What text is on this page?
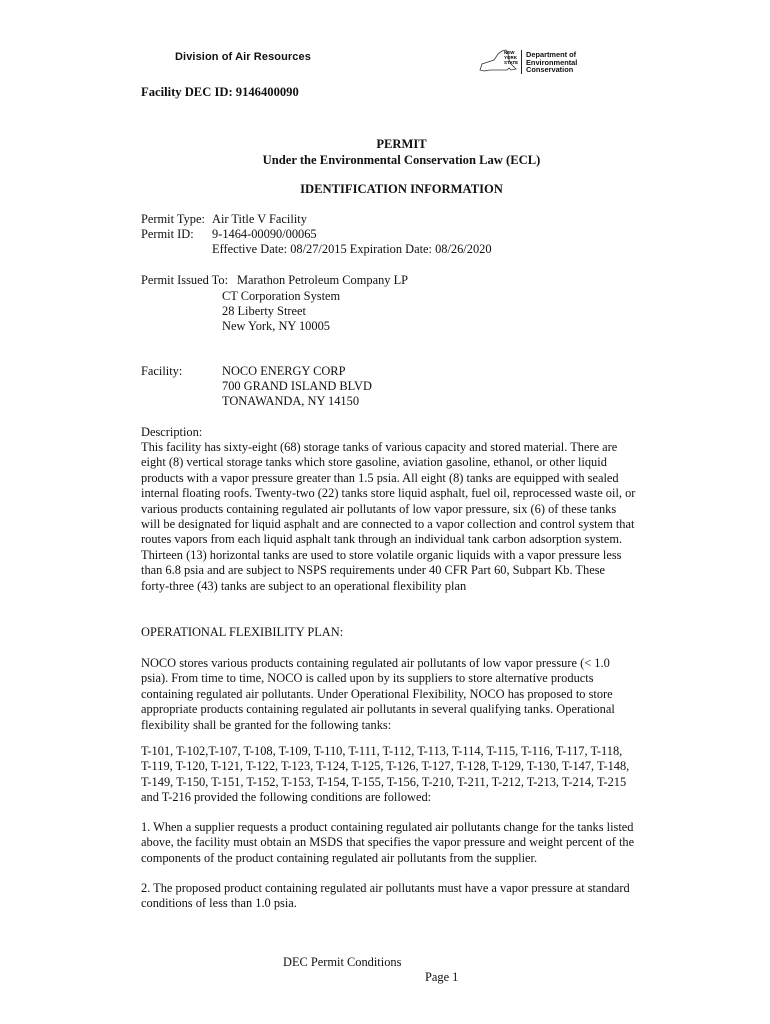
Division of Air Resources	NEW
YORK
STATE
Department of
Environmental
Conservation
Facility DEC ID: 9146400090
PERMIT
Under the Environmental Conservation Law (ECL)
IDENTIFICATION INFORMATION
Permit Type: Air Title V Facility
Permit ID: 9-1464-00090/00065
Effective Date: 08/27/2015 Expiration Date: 08/26/2020
Permit Issued To: Marathon Petroleum Company LP
CT Corporation System
28 Liberty Street
New York, NY 10005
Facility:	NOCO ENERGY CORP
700 GRAND ISLAND BLVD
TONAWANDA, NY 14150
Description:
This facility has sixty-eight (68) storage tanks of various capacity and stored material. There are eight (8) vertical storage tanks which store gasoline, aviation gasoline, ethanol, or other liquid products with a vapor pressure greater than 1.5 psia. All eight (8) tanks are equipped with sealed internal floating roofs. Twenty-two (22) tanks store liquid asphalt, fuel oil, reprocessed waste oil, or various products containing regulated air pollutants of low vapor pressure, six (6) of these tanks will be designated for liquid asphalt and are connected to a vapor collection and control system that routes vapors from each liquid asphalt tank through an individual tank carbon adsorption system. Thirteen (13) horizontal tanks are used to store volatile organic liquids with a vapor pressure less than 6.8 psia and are subject to NSPS requirements under 40 CFR Part 60, Subpart Kb. These forty-three (43) tanks are subject to an operational flexibility plan
OPERATIONAL FLEXIBILITY PLAN:
NOCO stores various products containing regulated air pollutants of low vapor pressure (< 1.0 psia). From time to time, NOCO is called upon by its suppliers to store alternative products containing regulated air pollutants. Under Operational Flexibility, NOCO has proposed to store appropriate products containing regulated air pollutants in several qualifying tanks. Operational flexibility shall be granted for the following tanks:
T-101, T-102,T-107, T-108, T-109, T-110, T-111, T-112, T-113, T-114, T-115, T-116, T-117, T-118, T-119, T-120, T-121, T-122, T-123, T-124, T-125, T-126, T-127, T-128, T-129, T-130, T-147, T-148, T-149, T-150, T-151, T-152, T-153, T-154, T-155, T-156, T-210, T-211, T-212, T-213, T-214, T-215 and T-216 provided the following conditions are followed:
1. When a supplier requests a product containing regulated air pollutants change for the tanks listed above, the facility must obtain an MSDS that specifies the vapor pressure and weight percent of the components of the product containing regulated air pollutants from the supplier.
2. The proposed product containing regulated air pollutants must have a vapor pressure at standard conditions of less than 1.0 psia.
DEC Permit Conditions
Page 1
